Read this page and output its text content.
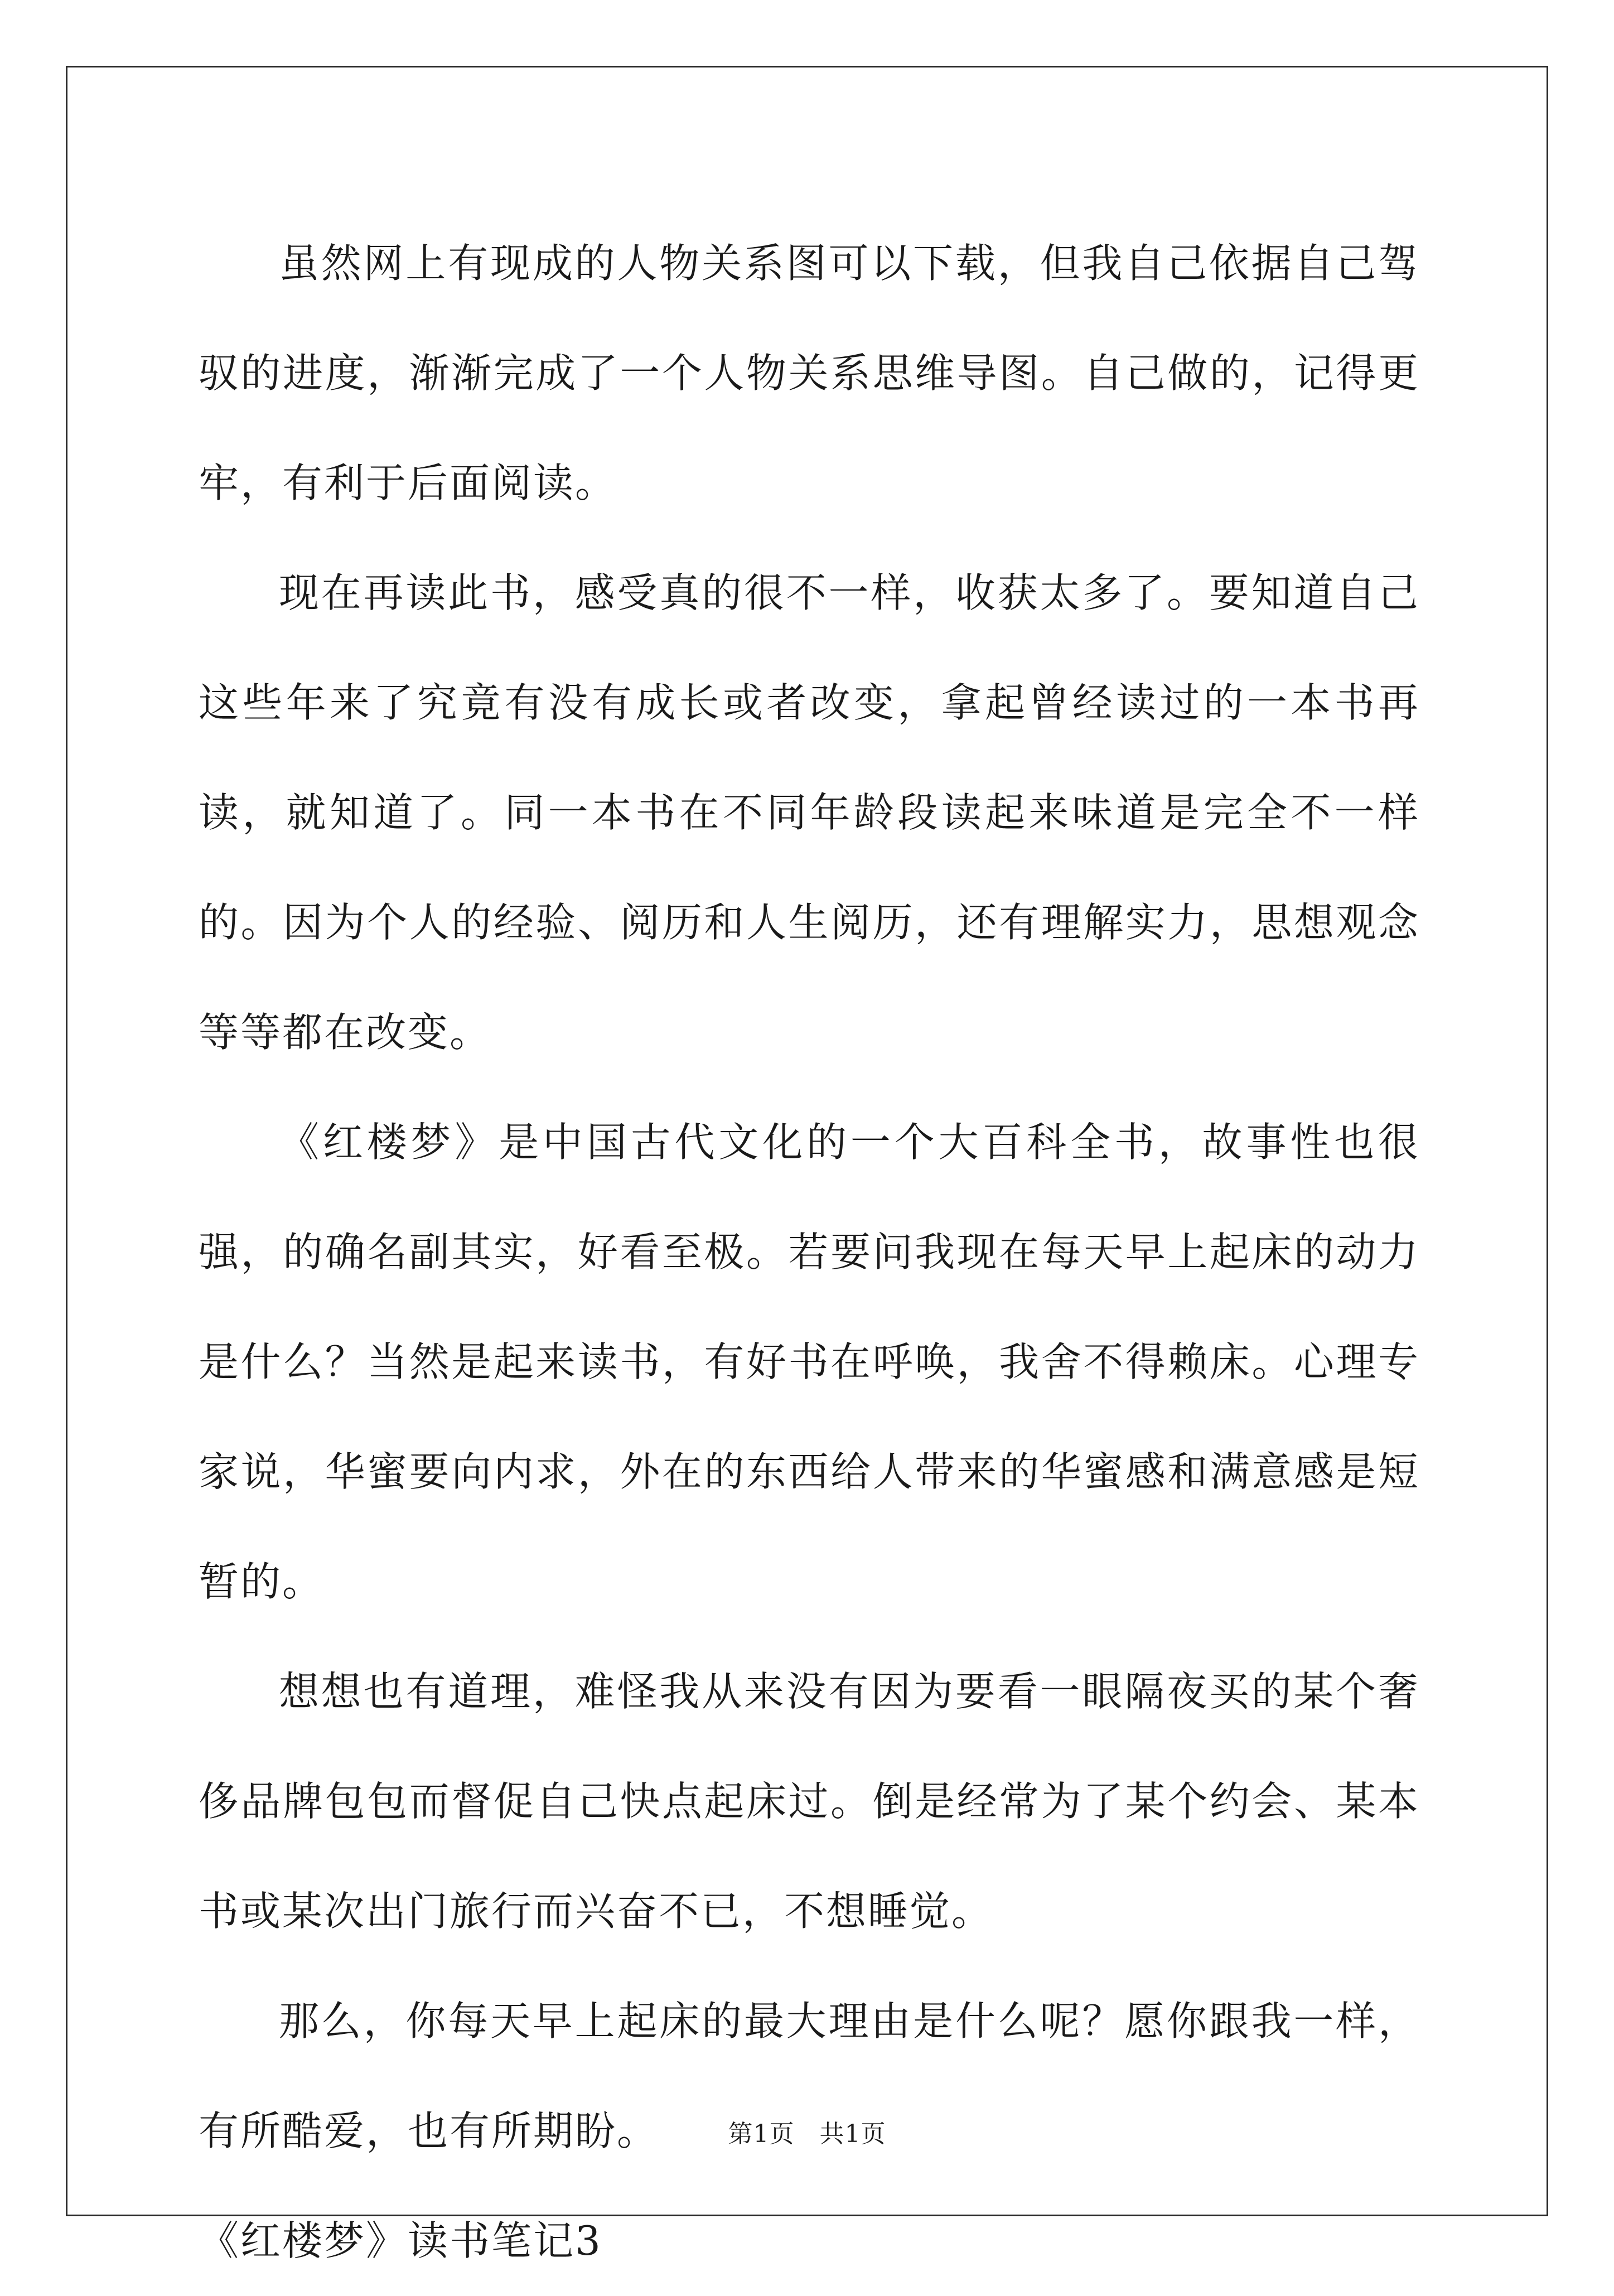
虽然网上有现成的人物关系图可以下载，但我自己依据自己驾驭的进度，渐渐完成了一个人物关系思维导图。自己做的，记得更牢，有利于后面阅读。

现在再读此书，感受真的很不一样，收获太多了。要知道自己这些年来了究竟有没有成长或者改变，拿起曾经读过的一本书再读，就知道了。同一本书在不同年龄段读起来味道是完全不一样的。因为个人的经验、阅历和人生阅历，还有理解实力，思想观念等等都在改变。

《红楼梦》是中国古代文化的一个大百科全书，故事性也很强，的确名副其实，好看至极。若要问我现在每天早上起床的动力是什么？当然是起来读书，有好书在呼唤，我舍不得赖床。心理专家说，华蜜要向内求，外在的东西给人带来的华蜜感和满意感是短暂的。

想想也有道理，难怪我从来没有因为要看一眼隔夜买的某个奢侈品牌包包而督促自己快点起床过。倒是经常为了某个约会、某本书或某次出门旅行而兴奋不已，不想睡觉。

那么，你每天早上起床的最大理由是什么呢？愿你跟我一样，有所酷爱，也有所期盼。

《红楼梦》读书笔记3

第1页 共1页
